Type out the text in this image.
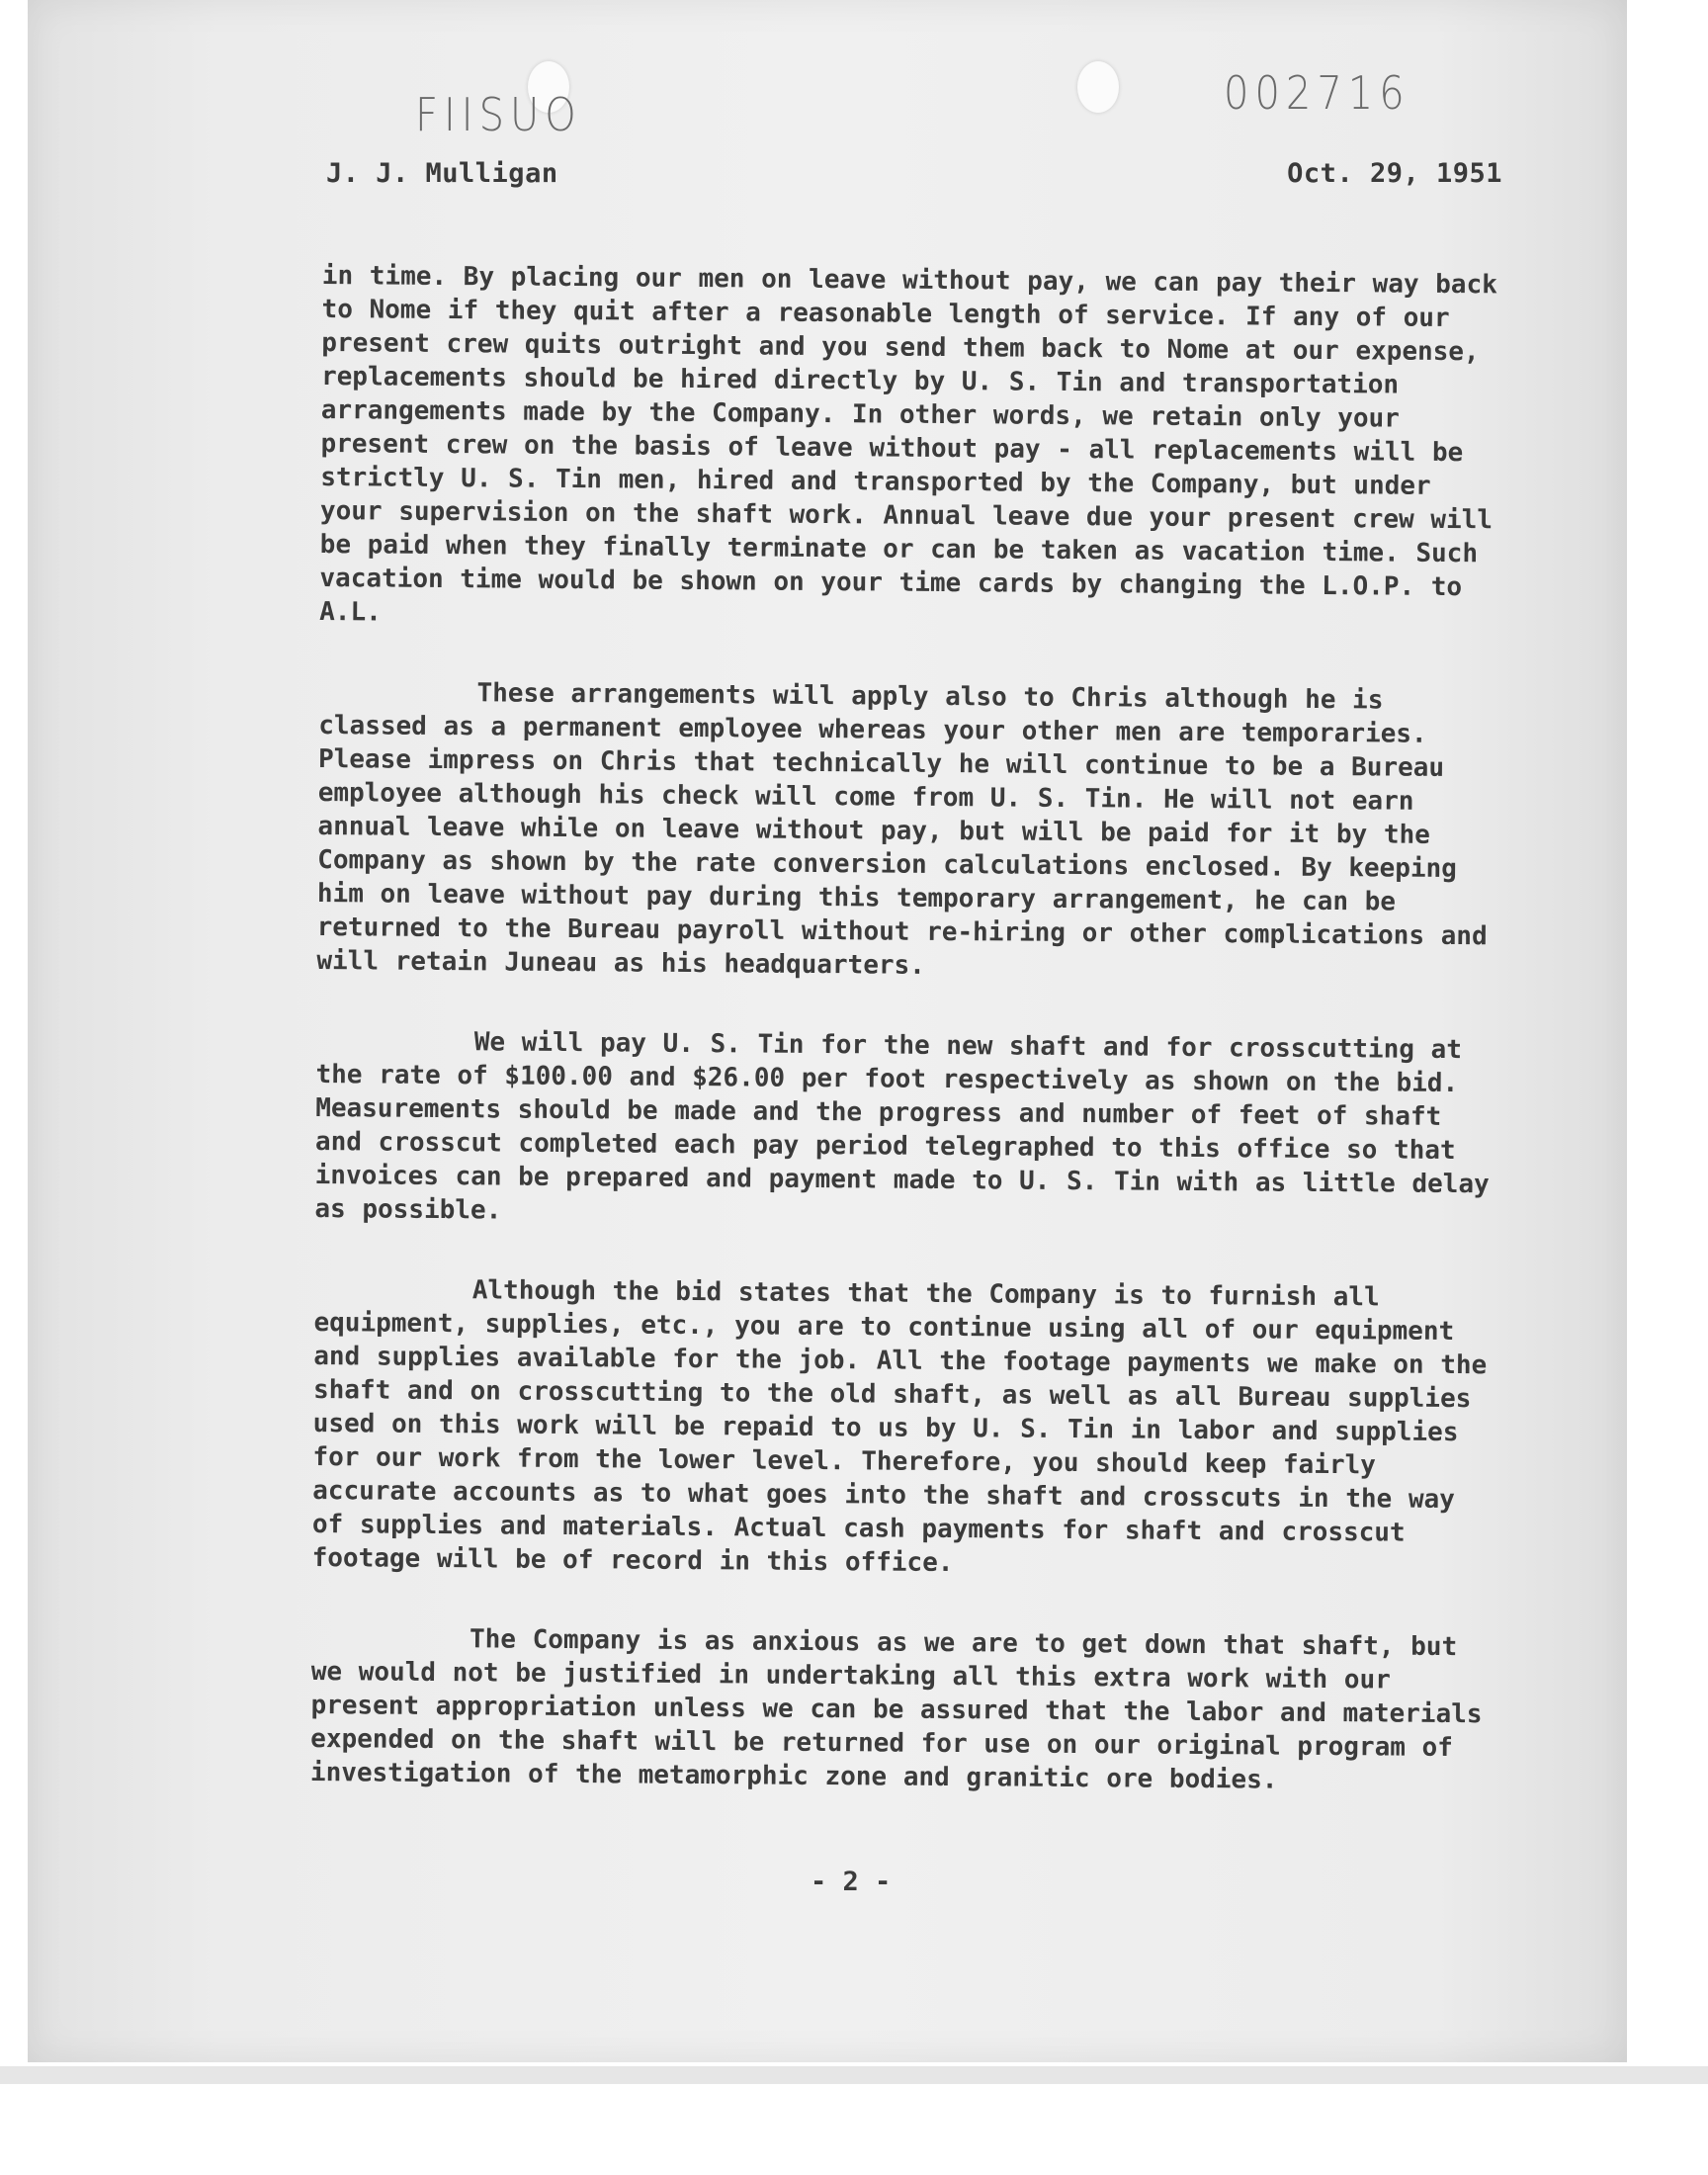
FIISUO	002716
J. J. Mulligan	Oct. 29, 1951

in time. By placing our men on leave without pay, we can pay their way back to Nome if they quit after a reasonable length of service. If any of our present crew quits outright and you send them back to Nome at our expense, replacements should be hired directly by U. S. Tin and transportation arrangements made by the Company. In other words, we retain only your present crew on the basis of leave without pay - all replacements will be strictly U. S. Tin men, hired and transported by the Company, but under your supervision on the shaft work. Annual leave due your present crew will be paid when they finally terminate or can be taken as vacation time. Such vacation time would be shown on your time cards by changing the L.O.P. to A.L.

These arrangements will apply also to Chris although he is classed as a permanent employee whereas your other men are temporaries. Please impress on Chris that technically he will continue to be a Bureau employee although his check will come from U. S. Tin. He will not earn annual leave while on leave without pay, but will be paid for it by the Company as shown by the rate conversion calculations enclosed. By keeping him on leave without pay during this temporary arrangement, he can be returned to the Bureau payroll without re-hiring or other complications and will retain Juneau as his headquarters.

We will pay U. S. Tin for the new shaft and for crosscutting at the rate of $100.00 and $26.00 per foot respectively as shown on the bid. Measurements should be made and the progress and number of feet of shaft and crosscut completed each pay period telegraphed to this office so that invoices can be prepared and payment made to U. S. Tin with as little delay as possible.

Although the bid states that the Company is to furnish all equipment, supplies, etc., you are to continue using all of our equipment and supplies available for the job. All the footage payments we make on the shaft and on crosscutting to the old shaft, as well as all Bureau supplies used on this work will be repaid to us by U. S. Tin in labor and supplies for our work from the lower level. Therefore, you should keep fairly accurate accounts as to what goes into the shaft and crosscuts in the way of supplies and materials. Actual cash payments for shaft and crosscut footage will be of record in this office.

The Company is as anxious as we are to get down that shaft, but we would not be justified in undertaking all this extra work with our present appropriation unless we can be assured that the labor and materials expended on the shaft will be returned for use on our original program of investigation of the metamorphic zone and granitic ore bodies.

- 2 -
